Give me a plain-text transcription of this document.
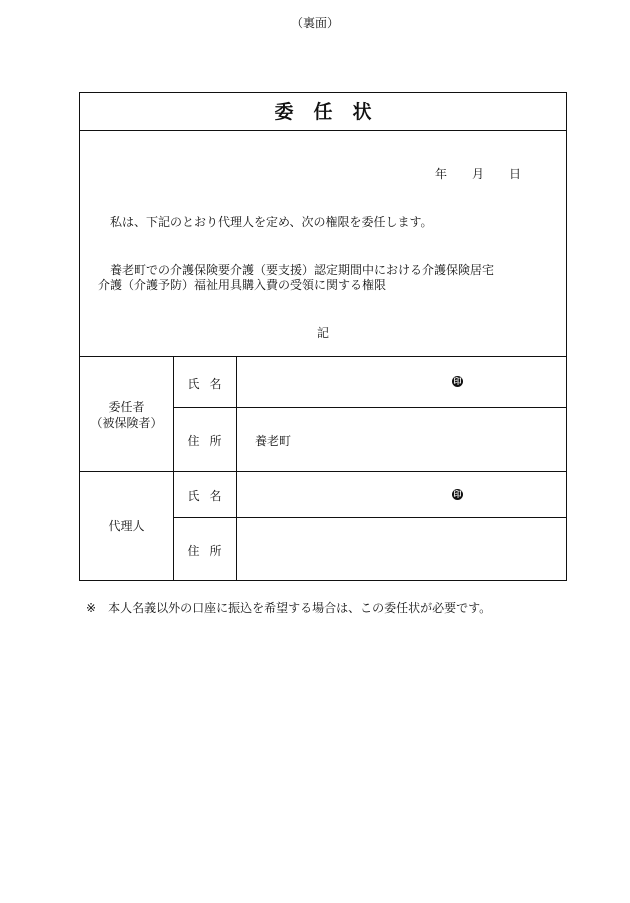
（裏面）
委任状
年 月 日
私は、下記のとおり代理人を定め、次の権限を委任します。
養老町での介護保険要介護（要支援）認定期間中における介護保険居宅
介護（介護予防）福祉用具購入費の受領に関する権限
記
委任者
（被保険者）
氏名	印
住所	養老町
代理人
氏名	印
住所
※ 本人名義以外の口座に振込を希望する場合は、この委任状が必要です。
